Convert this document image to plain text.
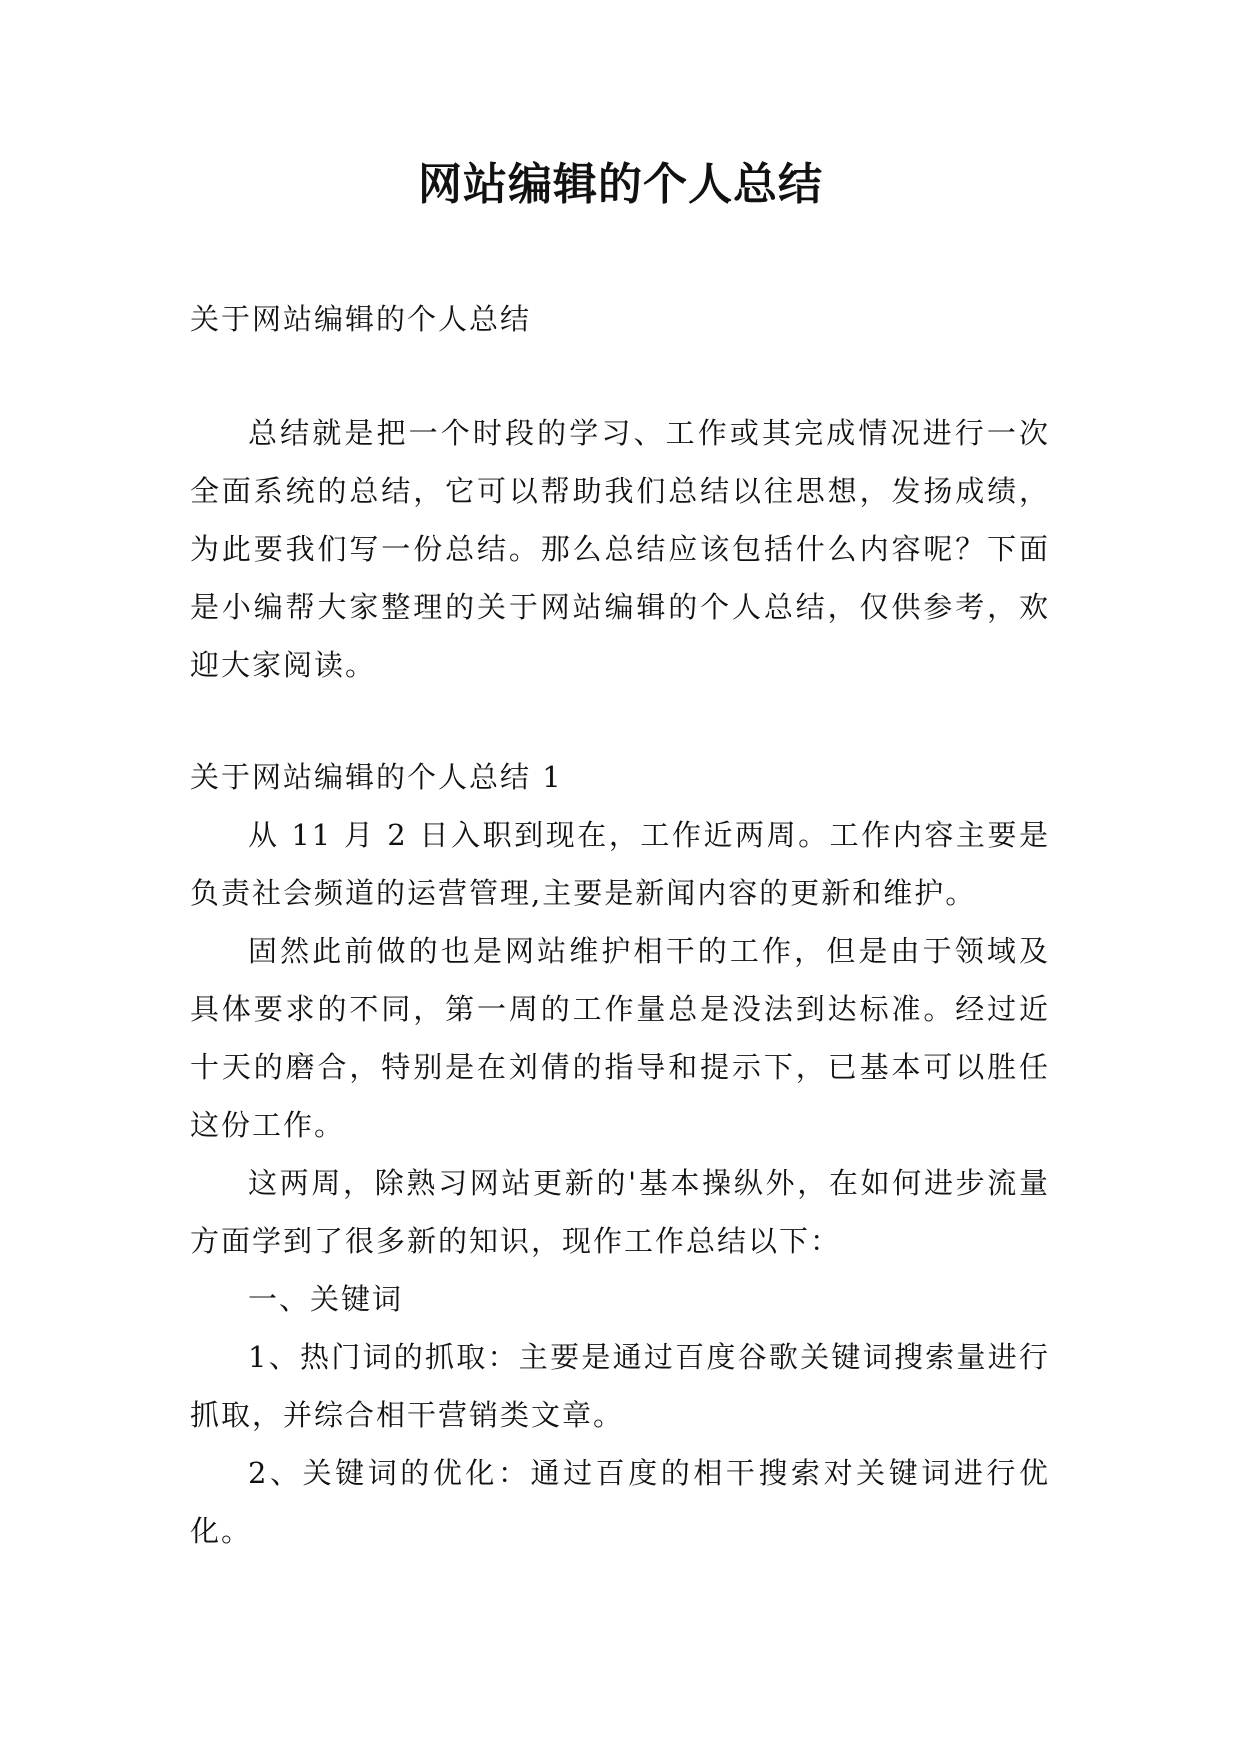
网站编辑的个人总结

关于网站编辑的个人总结

总结就是把一个时段的学习、工作或其完成情况进行一次全面系统的总结，它可以帮助我们总结以往思想，发扬成绩，为此要我们写一份总结。那么总结应该包括什么内容呢？下面是小编帮大家整理的关于网站编辑的个人总结，仅供参考，欢迎大家阅读。

关于网站编辑的个人总结 1

从 11 月 2 日入职到现在，工作近两周。工作内容主要是负责社会频道的运营管理,主要是新闻内容的更新和维护。

固然此前做的也是网站维护相干的工作，但是由于领域及具体要求的不同，第一周的工作量总是没法到达标准。经过近十天的磨合，特别是在刘倩的指导和提示下，已基本可以胜任这份工作。

这两周，除熟习网站更新的'基本操纵外，在如何进步流量方面学到了很多新的知识，现作工作总结以下：

一、关键词

1、热门词的抓取：主要是通过百度谷歌关键词搜索量进行抓取，并综合相干营销类文章。

2、关键词的优化：通过百度的相干搜索对关键词进行优化。
